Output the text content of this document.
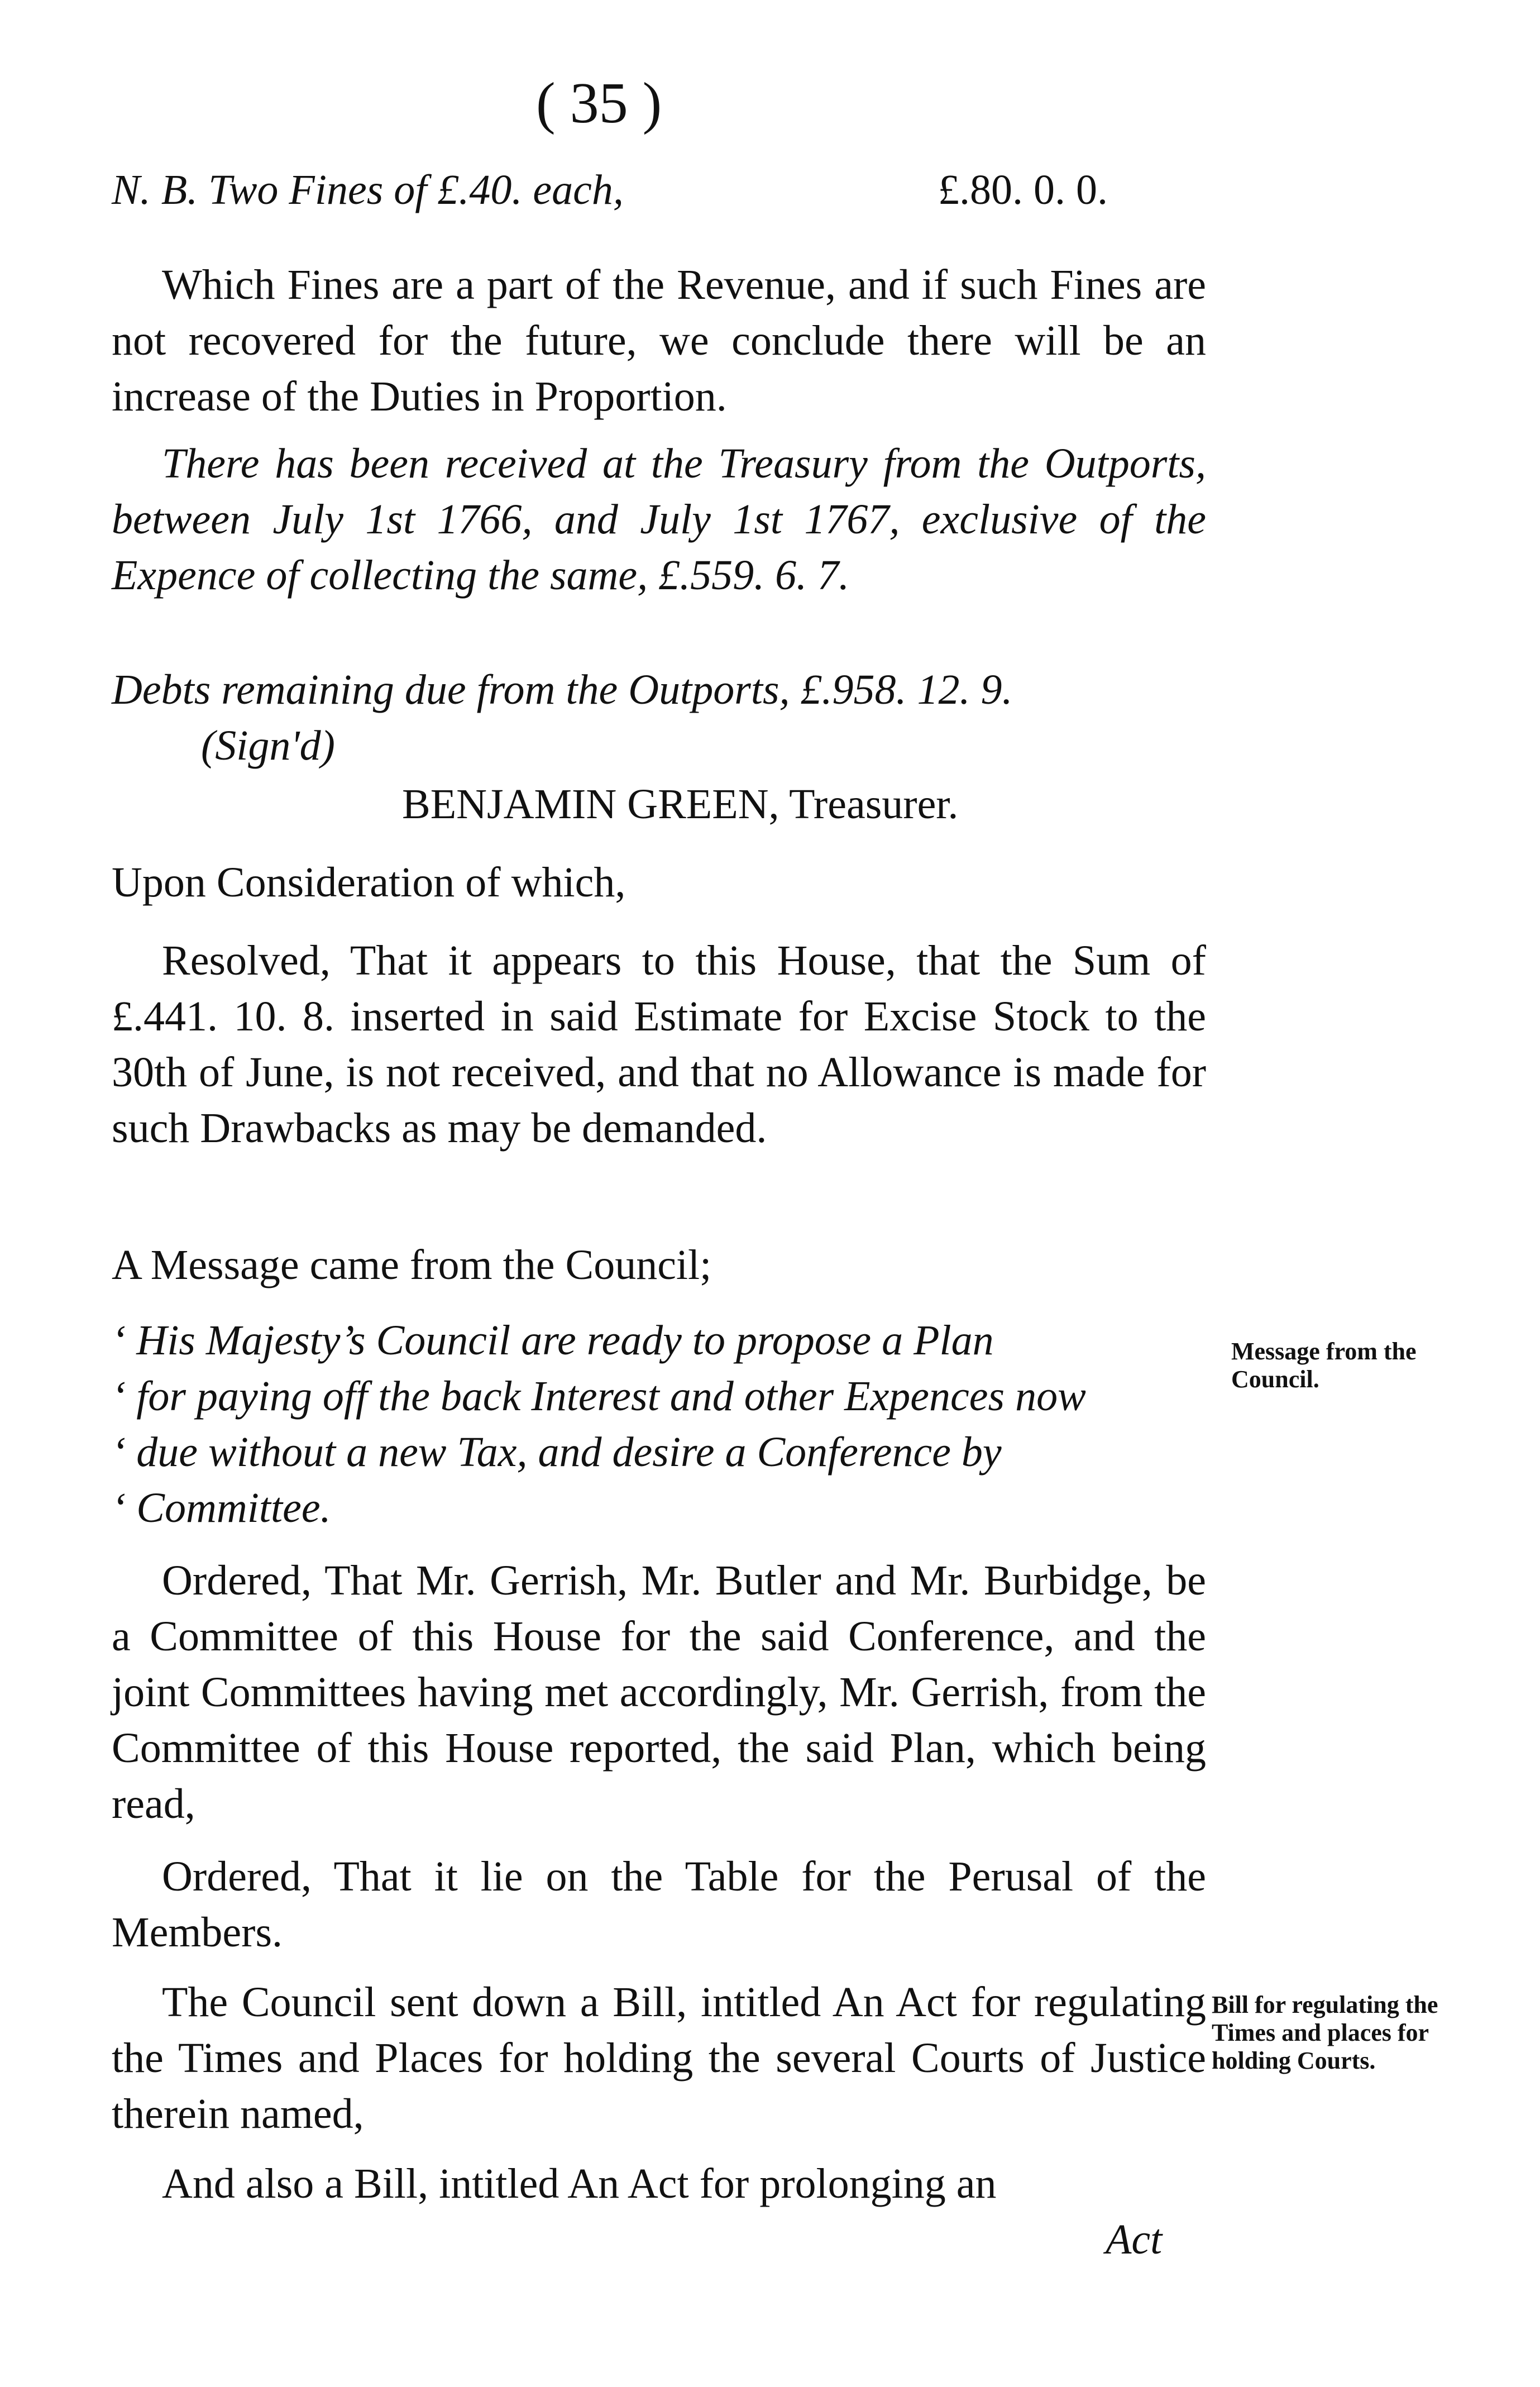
( 35 )
N. B. Two Fines of £.40. each,	£.80. 0. 0.

Which Fines are a part of the Revenue, and if such Fines are not recovered for the future, we conclude there will be an increase of the Duties in Proportion.

There has been received at the Treasury from the Outports, between July 1st 1766, and July 1st 1767, exclusive of the Expence of collecting the same, £.559. 6. 7.

Debts remaining due from the Outports, £.958. 12. 9.

(Sign'd)

BENJAMIN GREEN, Treasurer.

Upon Consideration of which,

Resolved, That it appears to this House, that the Sum of £.441. 10. 8. inserted in said Estimate for Excise Stock to the 30th of June, is not received, and that no Allowance is made for such Drawbacks as may be demanded.

A Message came from the Council;

‘ His Majesty’s Council are ready to propose a Plan
‘ for paying off the back Interest and other Expences now
‘ due without a new Tax, and desire a Conference by
‘ Committee.

Ordered, That Mr. Gerrish, Mr. Butler and Mr. Burbidge, be a Committee of this House for the said Conference, and the joint Committees having met accordingly, Mr. Gerrish, from the Committee of this House reported, the said Plan, which being read,

Ordered, That it lie on the Table for the Perusal of the Members.

The Council sent down a Bill, intitled An Act for regulating the Times and Places for holding the several Courts of Justice therein named,

And also a Bill, intitled An Act for prolonging an

Act

Message from the Council.
Bill for regulating the Times and places for holding Courts.
